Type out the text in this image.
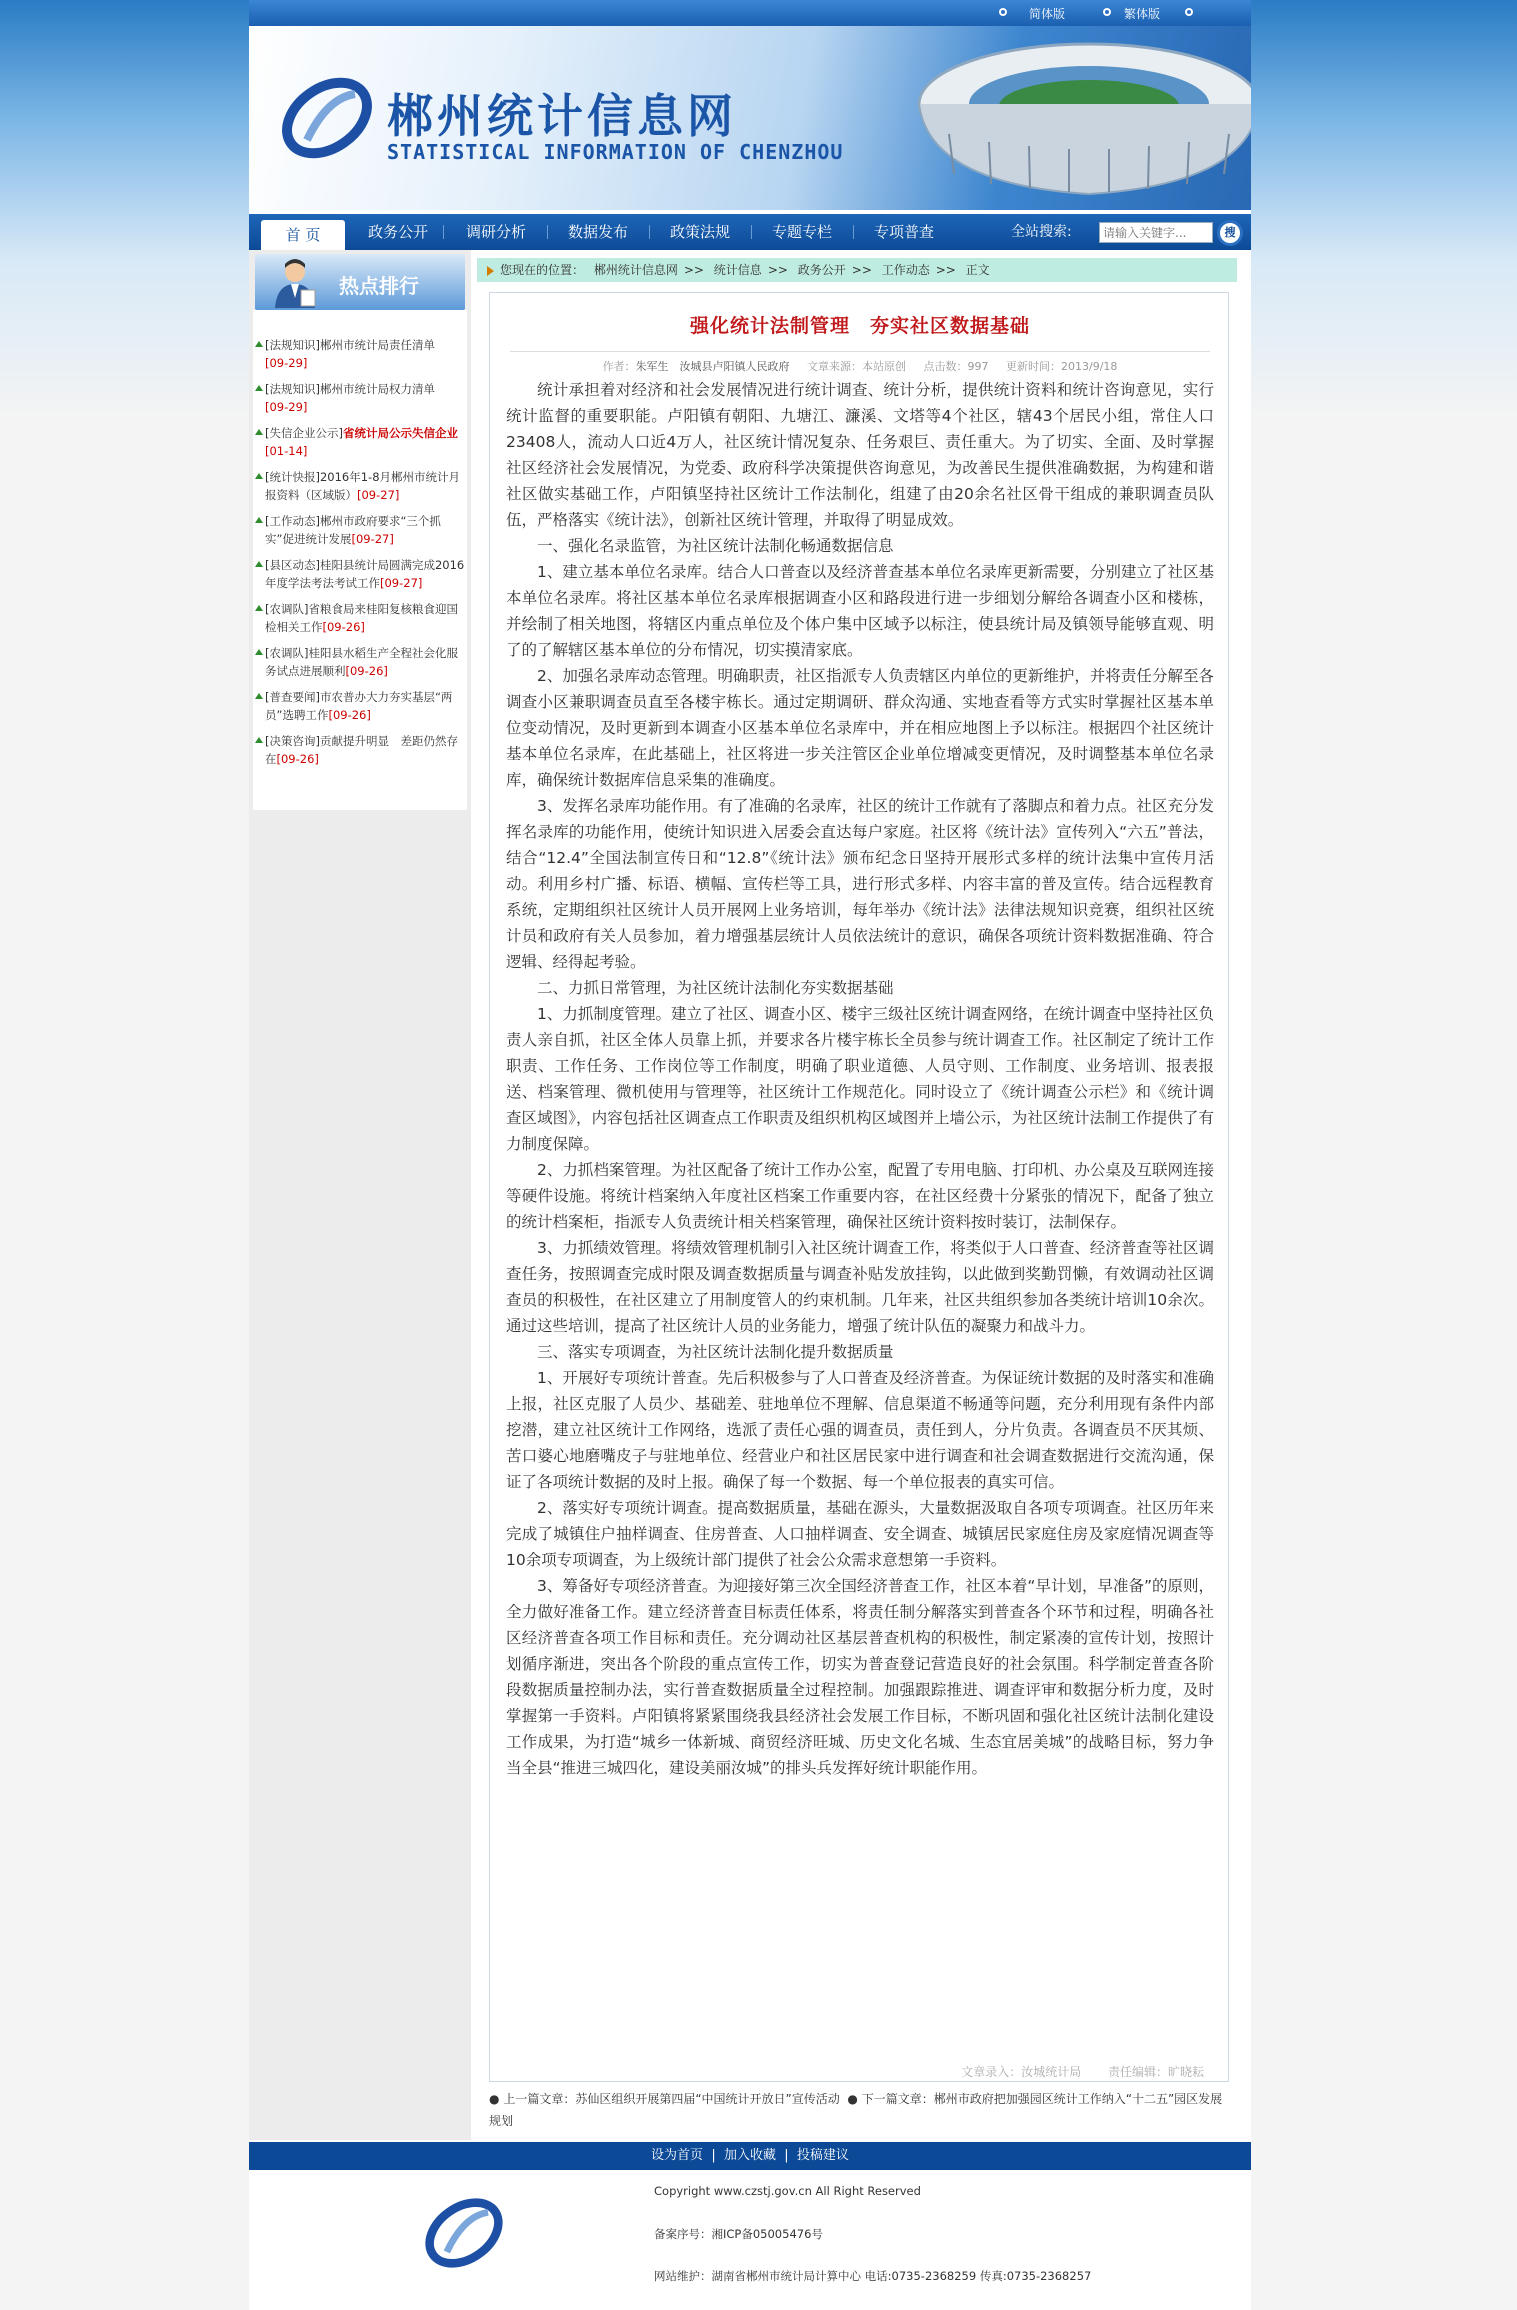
简体版	繁体版
郴州统计信息网
STATISTICAL INFORMATION OF CHENZHOU
首 页	政务公开	调研分析	数据发布	政策法规	专题专栏	专项普查	全站搜索:
请输入关键字...	搜
热点排行
[法规知识]郴州市统计局责任清单
[09-29]
[法规知识]郴州市统计局权力清单
[09-29]
[失信企业公示]省统计局公示失信企业[01-14]
[统计快报]2016年1-8月郴州市统计月报资料（区域版）[09-27]
[工作动态]郴州市政府要求“三个抓实”促进统计发展[09-27]
[县区动态]桂阳县统计局圆满完成2016年度学法考法考试工作[09-27]
[农调队]省粮食局来桂阳复核粮食迎国检相关工作[09-26]
[农调队]桂阳县水稻生产全程社会化服务试点进展顺利[09-26]
[普查要闻]市农普办大力夯实基层“两员”选聘工作[09-26]
[决策咨询]贡献提升明显　差距仍然存在[09-26]
您现在的位置： 郴州统计信息网 >> 统计信息 >> 政务公开 >> 工作动态 >> 正文
强化统计法制管理　夯实社区数据基础
作者：朱军生　汝城县卢阳镇人民政府 文章来源：本站原创 点击数：997 更新时间：2013/9/18

统计承担着对经济和社会发展情况进行统计调查、统计分析，提供统计资料和统计咨询意见，实行统计监督的重要职能。卢阳镇有朝阳、九塘江、濂溪、文塔等4个社区，辖43个居民小组，常住人口23408人，流动人口近4万人，社区统计情况复杂、任务艰巨、责任重大。为了切实、全面、及时掌握社区经济社会发展情况，为党委、政府科学决策提供咨询意见，为改善民生提供准确数据，为构建和谐社区做实基础工作，卢阳镇坚持社区统计工作法制化，组建了由20余名社区骨干组成的兼职调查员队伍，严格落实《统计法》，创新社区统计管理，并取得了明显成效。

一、强化名录监管，为社区统计法制化畅通数据信息

1、建立基本单位名录库。结合人口普查以及经济普查基本单位名录库更新需要，分别建立了社区基本单位名录库。将社区基本单位名录库根据调查小区和路段进行进一步细划分解给各调查小区和楼栋，并绘制了相关地图，将辖区内重点单位及个体户集中区域予以标注，使县统计局及镇领导能够直观、明了的了解辖区基本单位的分布情况，切实摸清家底。

2、加强名录库动态管理。明确职责，社区指派专人负责辖区内单位的更新维护，并将责任分解至各调查小区兼职调查员直至各楼宇栋长。通过定期调研、群众沟通、实地查看等方式实时掌握社区基本单位变动情况，及时更新到本调查小区基本单位名录库中，并在相应地图上予以标注。根据四个社区统计基本单位名录库，在此基础上，社区将进一步关注管区企业单位增减变更情况，及时调整基本单位名录库，确保统计数据库信息采集的准确度。

3、发挥名录库功能作用。有了准确的名录库，社区的统计工作就有了落脚点和着力点。社区充分发挥名录库的功能作用，使统计知识进入居委会直达每户家庭。社区将《统计法》宣传列入“六五”普法，结合“12.4”全国法制宣传日和“12.8”《统计法》颁布纪念日坚持开展形式多样的统计法集中宣传月活动。利用乡村广播、标语、横幅、宣传栏等工具，进行形式多样、内容丰富的普及宣传。结合远程教育系统，定期组织社区统计人员开展网上业务培训，每年举办《统计法》法律法规知识竞赛，组织社区统计员和政府有关人员参加，着力增强基层统计人员依法统计的意识，确保各项统计资料数据准确、符合逻辑、经得起考验。

二、力抓日常管理，为社区统计法制化夯实数据基础

1、力抓制度管理。建立了社区、调查小区、楼宇三级社区统计调查网络，在统计调查中坚持社区负责人亲自抓，社区全体人员靠上抓，并要求各片楼宇栋长全员参与统计调查工作。社区制定了统计工作职责、工作任务、工作岗位等工作制度，明确了职业道德、人员守则、工作制度、业务培训、报表报送、档案管理、微机使用与管理等，社区统计工作规范化。同时设立了《统计调查公示栏》和《统计调查区域图》，内容包括社区调查点工作职责及组织机构区域图并上墙公示，为社区统计法制工作提供了有力制度保障。

2、力抓档案管理。为社区配备了统计工作办公室，配置了专用电脑、打印机、办公桌及互联网连接等硬件设施。将统计档案纳入年度社区档案工作重要内容，在社区经费十分紧张的情况下，配备了独立的统计档案柜，指派专人负责统计相关档案管理，确保社区统计资料按时装订，法制保存。

3、力抓绩效管理。将绩效管理机制引入社区统计调查工作，将类似于人口普查、经济普查等社区调查任务，按照调查完成时限及调查数据质量与调查补贴发放挂钩，以此做到奖勤罚懒，有效调动社区调查员的积极性，在社区建立了用制度管人的约束机制。几年来，社区共组织参加各类统计培训10余次。通过这些培训，提高了社区统计人员的业务能力，增强了统计队伍的凝聚力和战斗力。

三、落实专项调查，为社区统计法制化提升数据质量

1、开展好专项统计普查。先后积极参与了人口普查及经济普查。为保证统计数据的及时落实和准确上报，社区克服了人员少、基础差、驻地单位不理解、信息渠道不畅通等问题，充分利用现有条件内部挖潜，建立社区统计工作网络，选派了责任心强的调查员，责任到人，分片负责。各调查员不厌其烦、苦口婆心地磨嘴皮子与驻地单位、经营业户和社区居民家中进行调查和社会调查数据进行交流沟通，保证了各项统计数据的及时上报。确保了每一个数据、每一个单位报表的真实可信。

2、落实好专项统计调查。提高数据质量，基础在源头，大量数据汲取自各项专项调查。社区历年来完成了城镇住户抽样调查、住房普查、人口抽样调查、安全调查、城镇居民家庭住房及家庭情况调查等10余项专项调查，为上级统计部门提供了社会公众需求意想第一手资料。

3、筹备好专项经济普查。为迎接好第三次全国经济普查工作，社区本着“早计划，早准备”的原则，全力做好准备工作。建立经济普查目标责任体系，将责任制分解落实到普查各个环节和过程，明确各社区经济普查各项工作目标和责任。充分调动社区基层普查机构的积极性，制定紧凑的宣传计划，按照计划循序渐进，突出各个阶段的重点宣传工作，切实为普查登记营造良好的社会氛围。科学制定普查各阶段数据质量控制办法，实行普查数据质量全过程控制。加强跟踪推进、调查评审和数据分析力度，及时掌握第一手资料。卢阳镇将紧紧围绕我县经济社会发展工作目标，不断巩固和强化社区统计法制化建设工作成果，为打造“城乡一体新城、商贸经济旺城、历史文化名城、生态宜居美城”的战略目标，努力争当全县“推进三城四化，建设美丽汝城”的排头兵发挥好统计职能作用。

文章录入：汝城统计局 责任编辑：旷晓耘
● 上一篇文章：苏仙区组织开展第四届“中国统计开放日”宣传活动 ● 下一篇文章：郴州市政府把加强园区统计工作纳入“十二五”园区发展规划
设为首页  |  加入收藏  |  投稿建议
Copyright www.czstj.gov.cn All Right Reserved
备案序号：湘ICP备05005476号
网站维护：湖南省郴州市统计局计算中心 电话:0735-2368259 传真:0735-2368257
